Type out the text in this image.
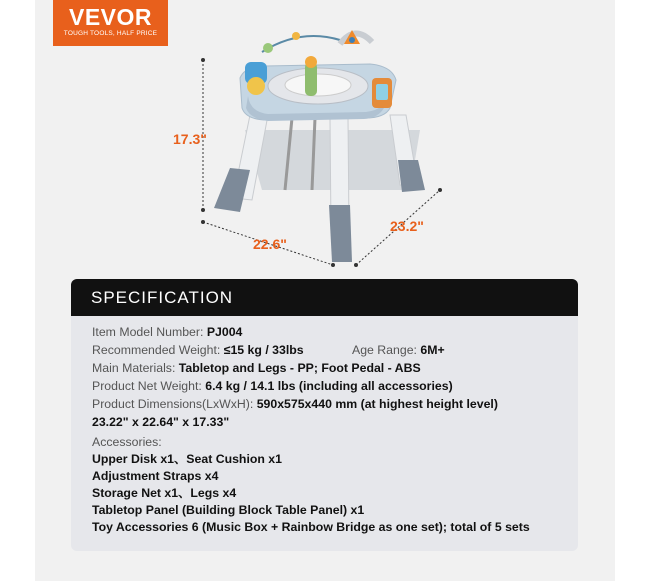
VEVOR
TOUGH TOOLS, HALF PRICE
17.3"
22.6"
23.2"
SPECIFICATION
Item Model Number: PJ004
Recommended Weight: ≤15 kg / 33lbs	Age Range: 6M+
Main Materials: Tabletop and Legs - PP; Foot Pedal - ABS
Product Net Weight: 6.4 kg / 14.1 lbs (including all accessories)
Product Dimensions(LxWxH): 590x575x440 mm (at highest height level)
23.22" x 22.64" x 17.33"
Accessories:
Upper Disk x1、Seat Cushion x1
Adjustment Straps x4
Storage Net x1、Legs x4
Tabletop Panel (Building Block Table Panel) x1
Toy Accessories 6 (Music Box + Rainbow Bridge as one set); total of 5 sets
